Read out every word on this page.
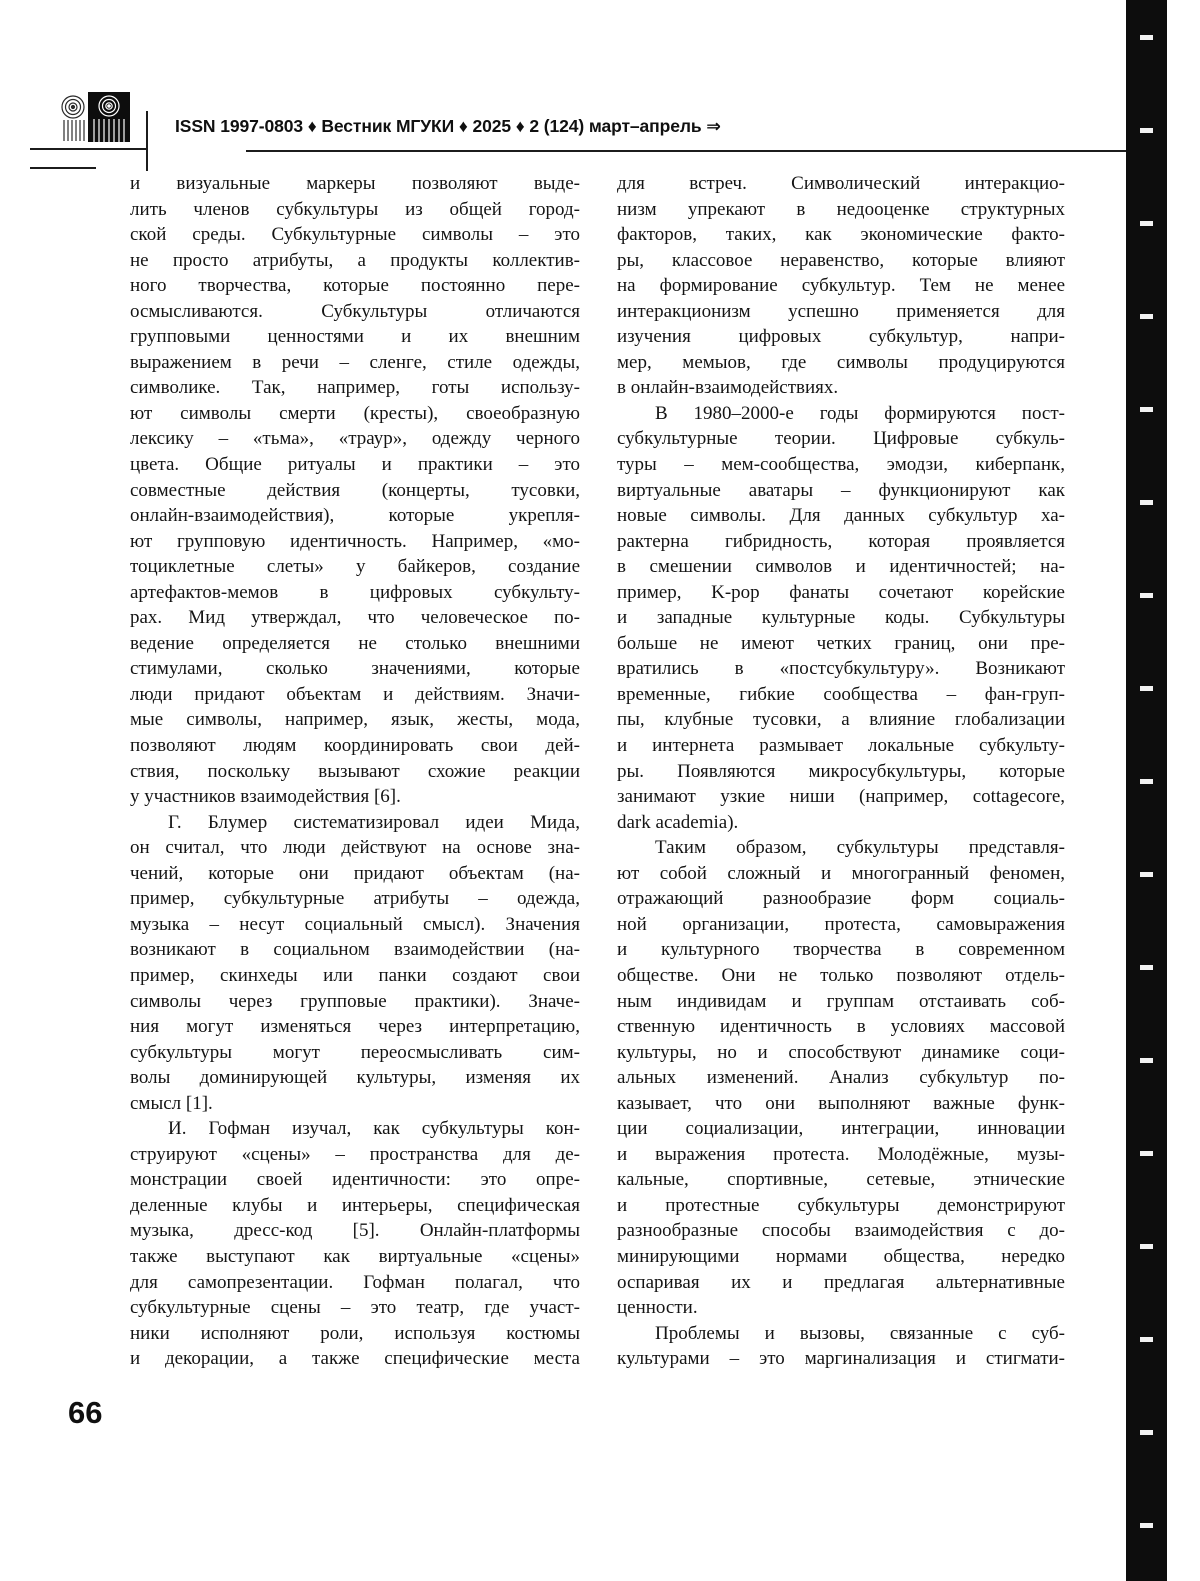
ISSN 1997-0803 ♦ Вестник МГУКИ ♦ 2025 ♦ 2 (124) март–апрель ⇒
и визуальные маркеры позволяют выде-
лить членов субкультуры из общей город-
ской среды. Субкультурные символы – это
не просто атрибуты, а продукты коллектив-
ного творчества, которые постоянно пере-
осмысливаются. Субкультуры отличаются
групповыми ценностями и их внешним
выражением в речи – сленге, стиле одежды,
символике. Так, например, готы использу-
ют символы смерти (кресты), своеобразную
лексику – «тьма», «траур», одежду черного
цвета. Общие ритуалы и практики – это
совместные действия (концерты, тусовки,
онлайн-взаимодействия), которые укрепля-
ют групповую идентичность. Например, «мо-
тоциклетные слеты» у байкеров, создание
артефактов-мемов в цифровых субкульту-
рах. Мид утверждал, что человеческое по-
ведение определяется не столько внешними
стимулами, сколько значениями, которые
люди придают объектам и действиям. Значи-
мые символы, например, язык, жесты, мода,
позволяют людям координировать свои дей-
ствия, поскольку вызывают схожие реакции
у участников взаимодействия [6].
Г. Блумер систематизировал идеи Мида,
он считал, что люди действуют на основе зна-
чений, которые они придают объектам (на-
пример, субкультурные атрибуты – одежда,
музыка – несут социальный смысл). Значения
возникают в социальном взаимодействии (на-
пример, скинхеды или панки создают свои
символы через групповые практики). Значе-
ния могут изменяться через интерпретацию,
субкультуры могут переосмысливать сим-
волы доминирующей культуры, изменяя их
смысл [1].
И. Гофман изучал, как субкультуры кон-
струируют «сцены» – пространства для де-
монстрации своей идентичности: это опре-
деленные клубы и интерьеры, специфическая
музыка, дресс-код [5]. Онлайн-платформы
также выступают как виртуальные «сцены»
для самопрезентации. Гофман полагал, что
субкультурные сцены – это театр, где участ-
ники исполняют роли, используя костюмы
и декорации, а также специфические места
для встреч. Символический интеракцио-
низм упрекают в недооценке структурных
факторов, таких, как экономические факто-
ры, классовое неравенство, которые влияют
на формирование субкультур. Тем не менее
интеракционизм успешно применяется для
изучения цифровых субкультур, напри-
мер, мемыов, где символы продуцируются
в онлайн-взаимодействиях.
В 1980–2000-е годы формируются пост-
субкультурные теории. Цифровые субкуль-
туры – мем-сообщества, эмодзи, киберпанк,
виртуальные аватары – функционируют как
новые символы. Для данных субкультур ха-
рактерна гибридность, которая проявляется
в смешении символов и идентичностей; на-
пример, K-pop фанаты сочетают корейские
и западные культурные коды. Субкультуры
больше не имеют четких границ, они пре-
вратились в «постсубкультуру». Возникают
временные, гибкие сообщества – фан-груп-
пы, клубные тусовки, а влияние глобализации
и интернета размывает локальные субкульту-
ры. Появляются микросубкультуры, которые
занимают узкие ниши (например, cottagecore,
dark academia).
Таким образом, субкультуры представля-
ют собой сложный и многогранный феномен,
отражающий разнообразие форм социаль-
ной организации, протеста, самовыражения
и культурного творчества в современном
обществе. Они не только позволяют отдель-
ным индивидам и группам отстаивать соб-
ственную идентичность в условиях массовой
культуры, но и способствуют динамике соци-
альных изменений. Анализ субкультур по-
казывает, что они выполняют важные функ-
ции социализации, интеграции, инновации
и выражения протеста. Молодёжные, музы-
кальные, спортивные, сетевые, этнические
и протестные субкультуры демонстрируют
разнообразные способы взаимодействия с до-
минирующими нормами общества, нередко
оспаривая их и предлагая альтернативные
ценности.
Проблемы и вызовы, связанные с суб-
культурами – это маргинализация и стигмати-
66
